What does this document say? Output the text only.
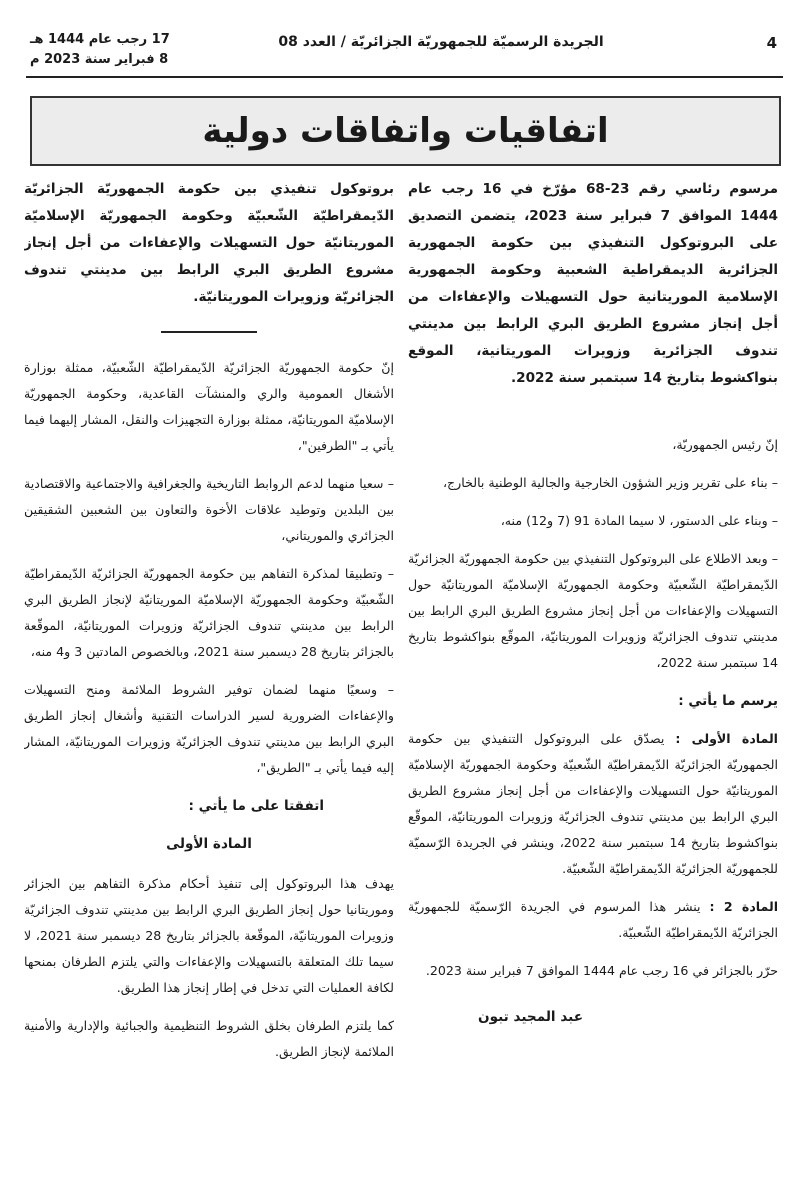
4
الجريدة الرسميّة للجمهوريّة الجزائريّة / العدد 08
17 رجب عام 1444 هـ
8 فبراير سنة 2023 م
اتفاقيات واتفاقات دولية
مرسوم رئاسي رقم 23-68 مؤرّخ في 16 رجب عام 1444 الموافق 7 فبراير سنة 2023، يتضمن التصديق على البروتوكول التنفيذي بين حكومة الجمهورية الجزائرية الديمقراطية الشعبية وحكومة الجمهورية الإسلامية الموريتانية حول التسهيلات والإعفاءات من أجل إنجاز مشروع الطريق البري الرابط بين مدينتي تندوف الجزائرية وزويرات الموريتانية، الموقع بنواكشوط بتاريخ 14 سبتمبر سنة 2022.

إنّ رئيس الجمهوريّة،

– بناء على تقرير وزير الشؤون الخارجية والجالية الوطنية بالخارج،

– وبناء على الدستور، لا سيما المادة 91 (7 و12) منه،

– وبعد الاطلاع على البروتوكول التنفيذي بين حكومة الجمهوريّة الجزائريّة الدّيمقراطيّة الشّعبيّة وحكومة الجمهوريّة الإسلاميّة الموريتانيّة حول التسهيلات والإعفاءات من أجل إنجاز مشروع الطريق البري الرابط بين مدينتي تندوف الجزائريّة وزويرات الموريتانيّة، الموقّع بنواكشوط بتاريخ 14 سبتمبر سنة 2022،

يرسم ما يأتي :

المادة الأولى : يصدّق على البروتوكول التنفيذي بين حكومة الجمهوريّة الجزائريّة الدّيمقراطيّة الشّعبيّة وحكومة الجمهوريّة الإسلاميّة الموريتانيّة حول التسهيلات والإعفاءات من أجل إنجاز مشروع الطريق البري الرابط بين مدينتي تندوف الجزائريّة وزويرات الموريتانيّة، الموقّع بنواكشوط بتاريخ 14 سبتمبر سنة 2022، وينشر في الجريدة الرّسميّة للجمهوريّة الجزائريّة الدّيمقراطيّة الشّعبيّة.

المادة 2 : ينشر هذا المرسوم في الجريدة الرّسميّة للجمهوريّة الجزائريّة الدّيمقراطيّة الشّعبيّة.

حرّر بالجزائر في 16 رجب عام 1444 الموافق 7 فبراير سنة 2023.

عبد المجيد تبون
بروتوكول تنفيذي بين حكومة الجمهوريّة الجزائريّة الدّيمقراطيّة الشّعبيّة وحكومة الجمهوريّة الإسلاميّة الموريتانيّة حول التسهيلات والإعفاءات من أجل إنجاز مشروع الطريق البري الرابط بين مدينتي تندوف الجزائريّة وزويرات الموريتانيّة.

إنّ حكومة الجمهوريّة الجزائريّة الدّيمقراطيّة الشّعبيّة، ممثلة بوزارة الأشغال العمومية والري والمنشآت القاعدية، وحكومة الجمهوريّة الإسلاميّة الموريتانيّة، ممثلة بوزارة التجهيزات والنقل، المشار إليهما فيما يأتي بـ "الطرفين"،

– سعيا منهما لدعم الروابط التاريخية والجغرافية والاجتماعية والاقتصادية بين البلدين وتوطيد علاقات الأخوة والتعاون بين الشعبين الشقيقين الجزائري والموريتاني،

– وتطبيقا لمذكرة التفاهم بين حكومة الجمهوريّة الجزائريّة الدّيمقراطيّة الشّعبيّة وحكومة الجمهوريّة الإسلاميّة الموريتانيّة لإنجاز الطريق البري الرابط بين مدينتي تندوف الجزائريّة وزويرات الموريتانيّة، الموقّعة بالجزائر بتاريخ 28 ديسمبر سنة 2021، وبالخصوص المادتين 3 و4 منه،

– وسعيًا منهما لضمان توفير الشروط الملائمة ومنح التسهيلات والإعفاءات الضرورية لسير الدراسات التقنية وأشغال إنجاز الطريق البري الرابط بين مدينتي تندوف الجزائريّة وزويرات الموريتانيّة، المشار إليه فيما يأتي بـ "الطريق"،

اتفقتا على ما يأتي :
المادة الأولى

يهدف هذا البروتوكول إلى تنفيذ أحكام مذكرة التفاهم بين الجزائر وموريتانيا حول إنجاز الطريق البري الرابط بين مدينتي تندوف الجزائريّة وزويرات الموريتانيّة، الموقّعة بالجزائر بتاريخ 28 ديسمبر سنة 2021، لا سيما تلك المتعلقة بالتسهيلات والإعفاءات والتي يلتزم الطرفان بمنحها لكافة العمليات التي تدخل في إطار إنجاز هذا الطريق.

كما يلتزم الطرفان بخلق الشروط التنظيمية والجبائية والإدارية والأمنية الملائمة لإنجاز الطريق.
